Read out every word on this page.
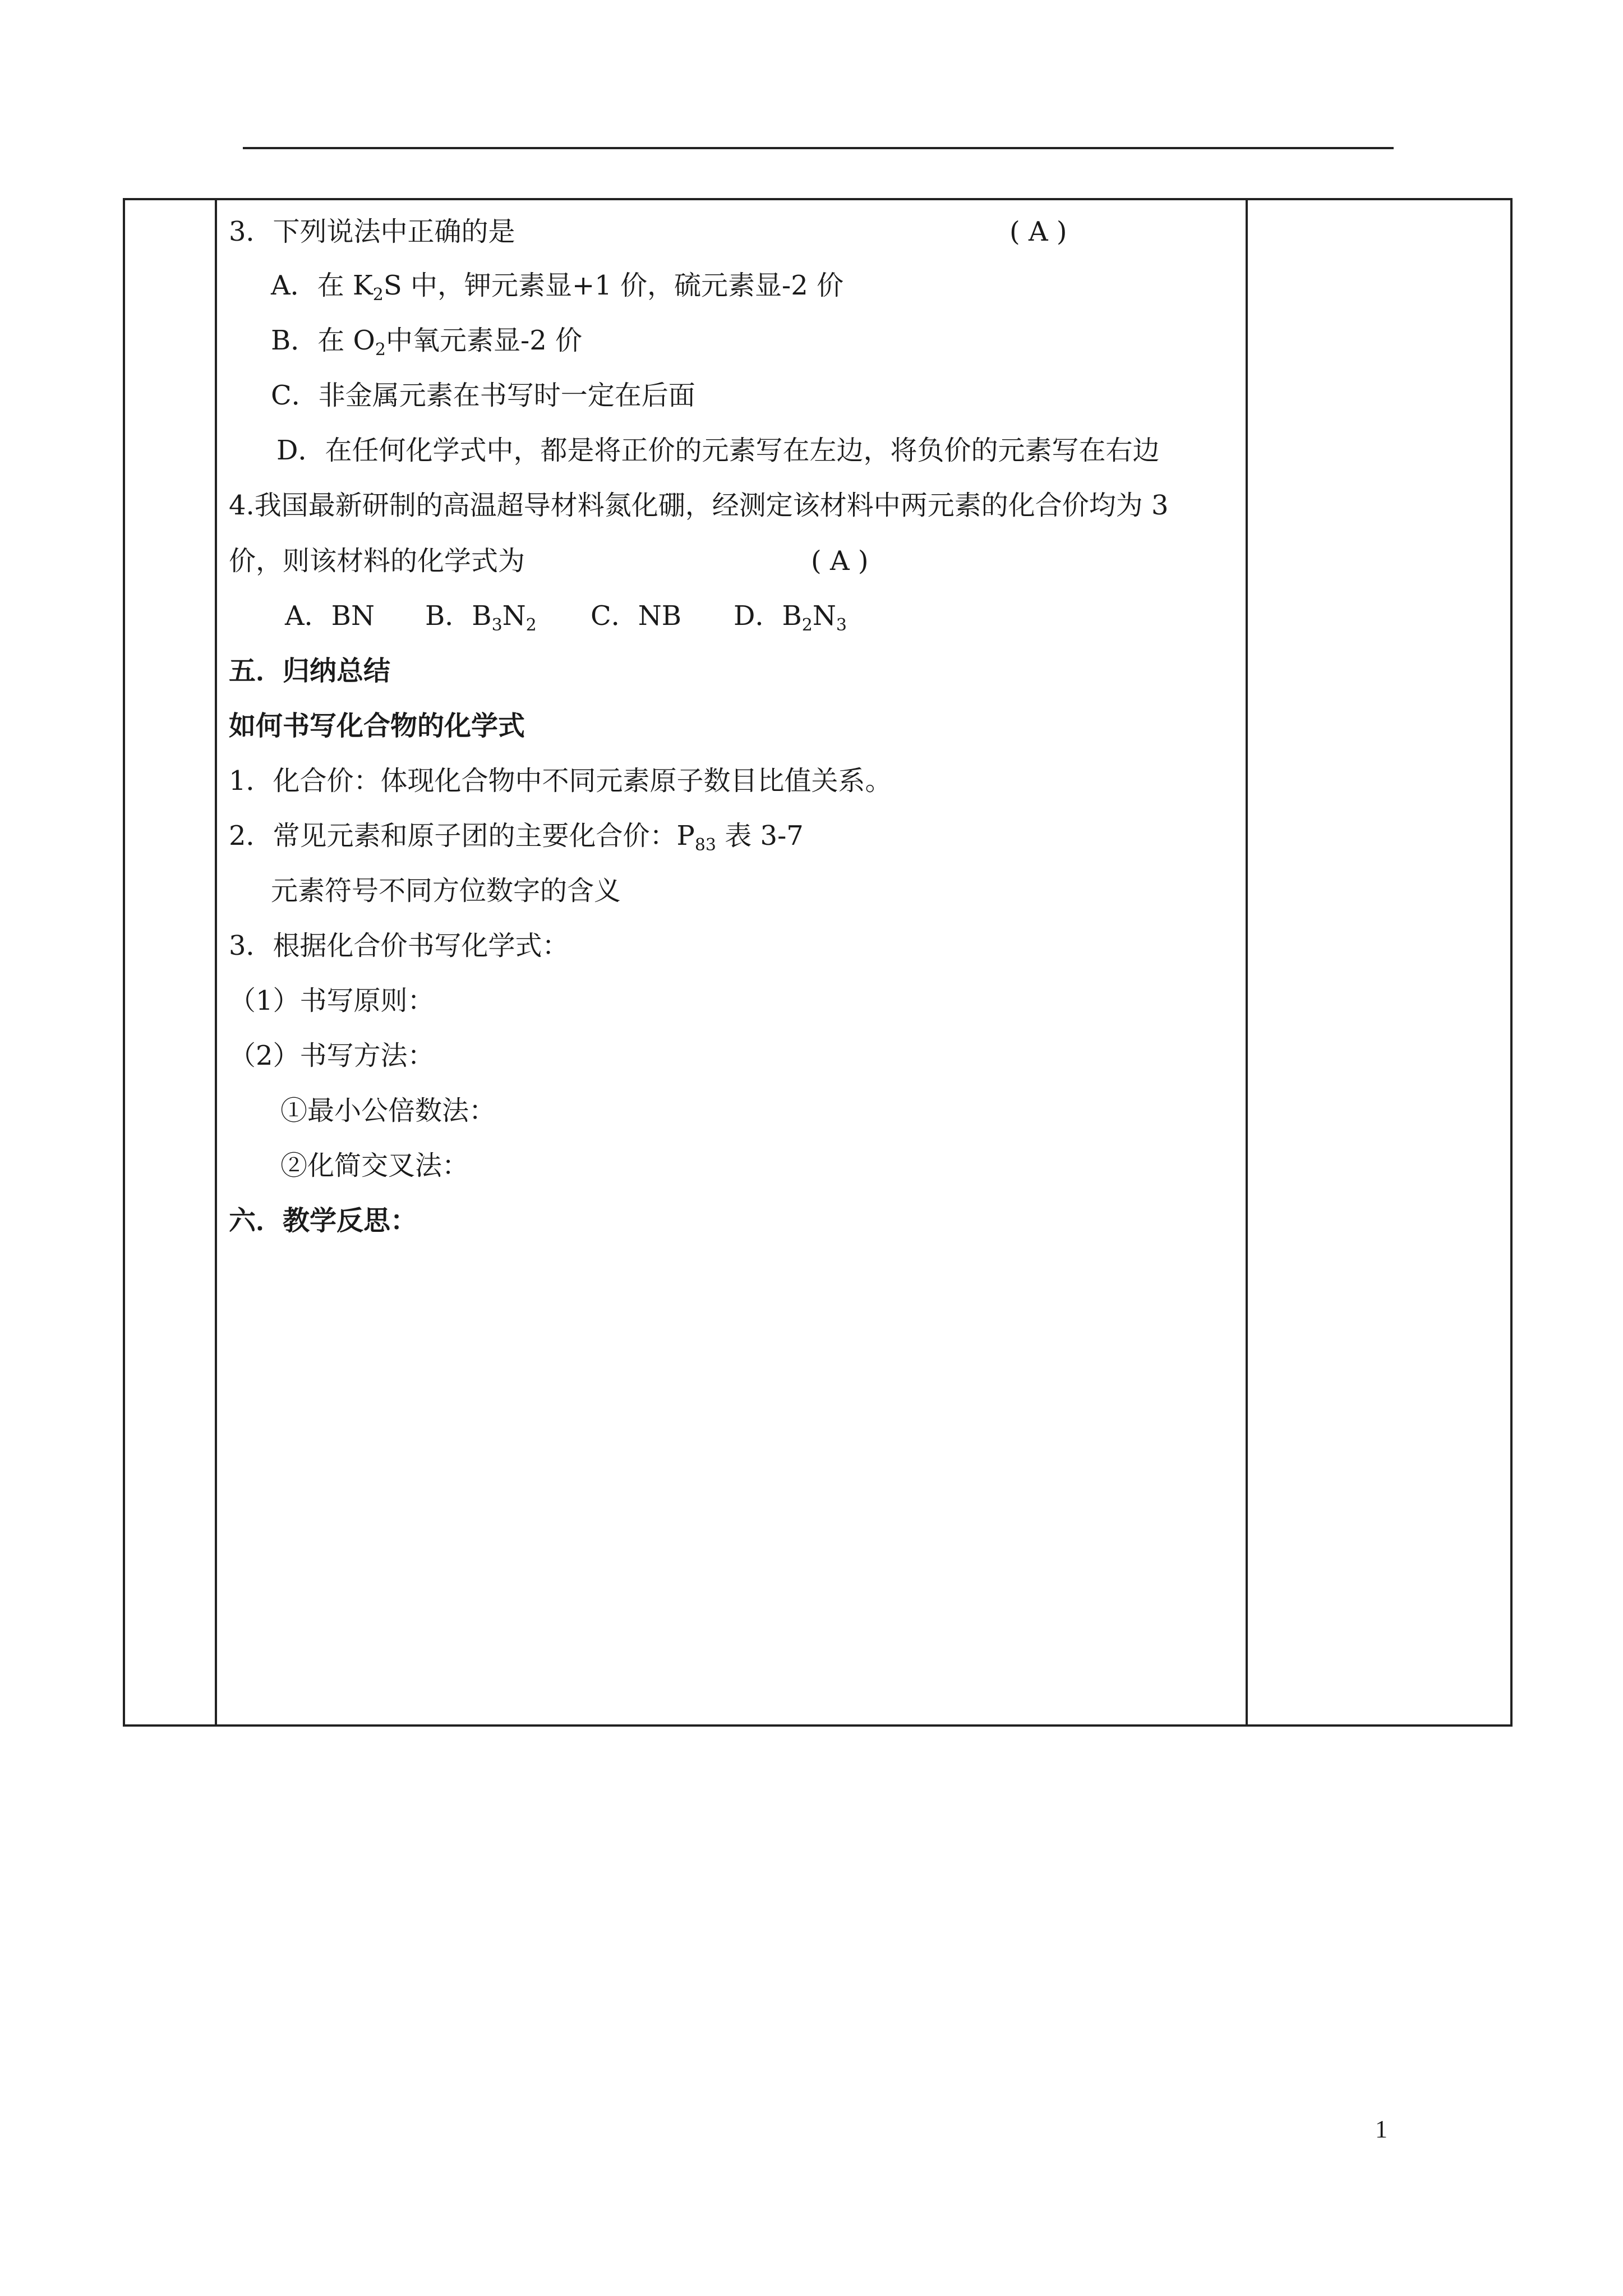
3．下列说法中正确的是	( A )
A．在 $K_2S$ 中，钾元素显+1 价，硫元素显-2 价
B．在 $O_2$中氧元素显-2 价
C．非金属元素在书写时一定在后面
D．在任何化学式中，都是将正价的元素写在左边，将负价的元素写在右边
4.我国最新研制的高温超导材料氮化硼，经测定该材料中两元素的化合价均为 3
价，则该材料的化学式为	( A )
A．BN B．$B_3N_2$ C．NB D．$B_2N_3$
五．归纳总结
如何书写化合物的化学式
1．化合价：体现化合物中不同元素原子数目比值关系。
2．常见元素和原子团的主要化合价：$P_{83}$ 表 3-7
元素符号不同方位数字的含义
3．根据化合价书写化学式：
（1）书写原则：
（2）书写方法：
①最小公倍数法：
②化简交叉法：
六．教学反思：
1
